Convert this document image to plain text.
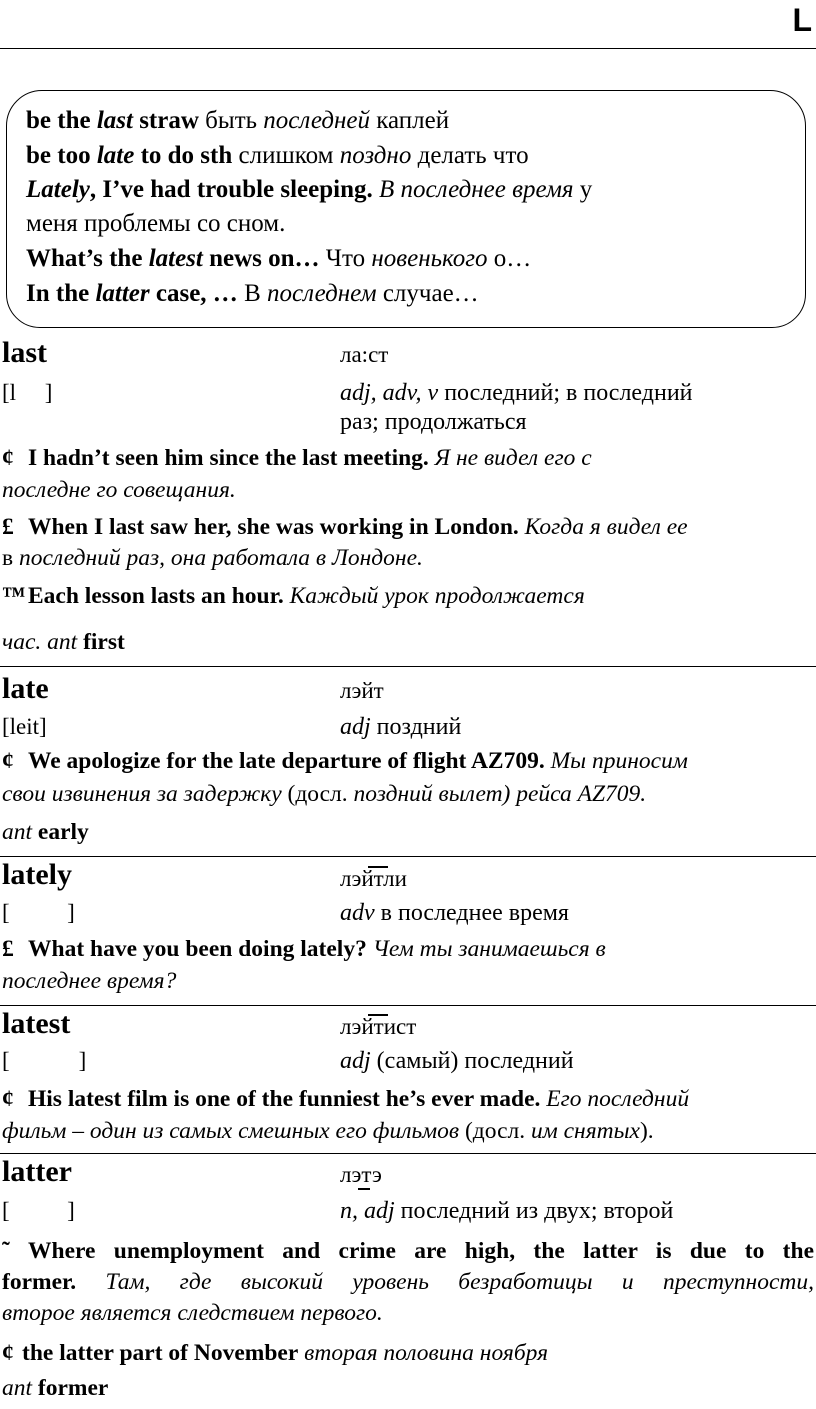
L
be the last straw быть последней каплей
be too late to do sth слишком поздно делать что
Lately, I’ve had trouble sleeping. В последнее время у
меня проблемы со сном.
What’s the latest news on… Что новенького о…
In the latter case, … В последнем случае…
last	ла:ст
[l     ]	adj, adv, v последний; в последний
раз; продолжаться
¢ I hadn’t seen him since the last meeting. Я не видел его с
последне го совещания.
£ When I last saw her, she was working in London. Когда я видел ее
в последний раз, она работала в Лондоне.
™ Each lesson lasts an hour. Каждый урок продолжается
час. ant first
late	лэйт
[leit]	adj поздний
¢ We apologize for the late departure of flight AZ709. Мы приносим
свои извинения за задержку (досл. поздний вылет) рейса AZ709.
ant early
lately	лэйтли
[          ]	adv в последнее время
£ What have you been doing lately? Чем ты занимаешься в
последнее время?
latest	лэйтист
[            ]	adj (самый) последний
¢ His latest film is one of the funniest he’s ever made. Его последний
фильм – один из самых смешных его фильмов (досл. им снятых).
latter	лэтэ
[          ]	n, adj последний из двух; второй
˜ Where unemployment and crime are high, the latter is due to the
former. Там, где высокий уровень безработицы и преступности,
второе является следствием первого.
¢ the latter part of November вторая половина ноября
ant former
